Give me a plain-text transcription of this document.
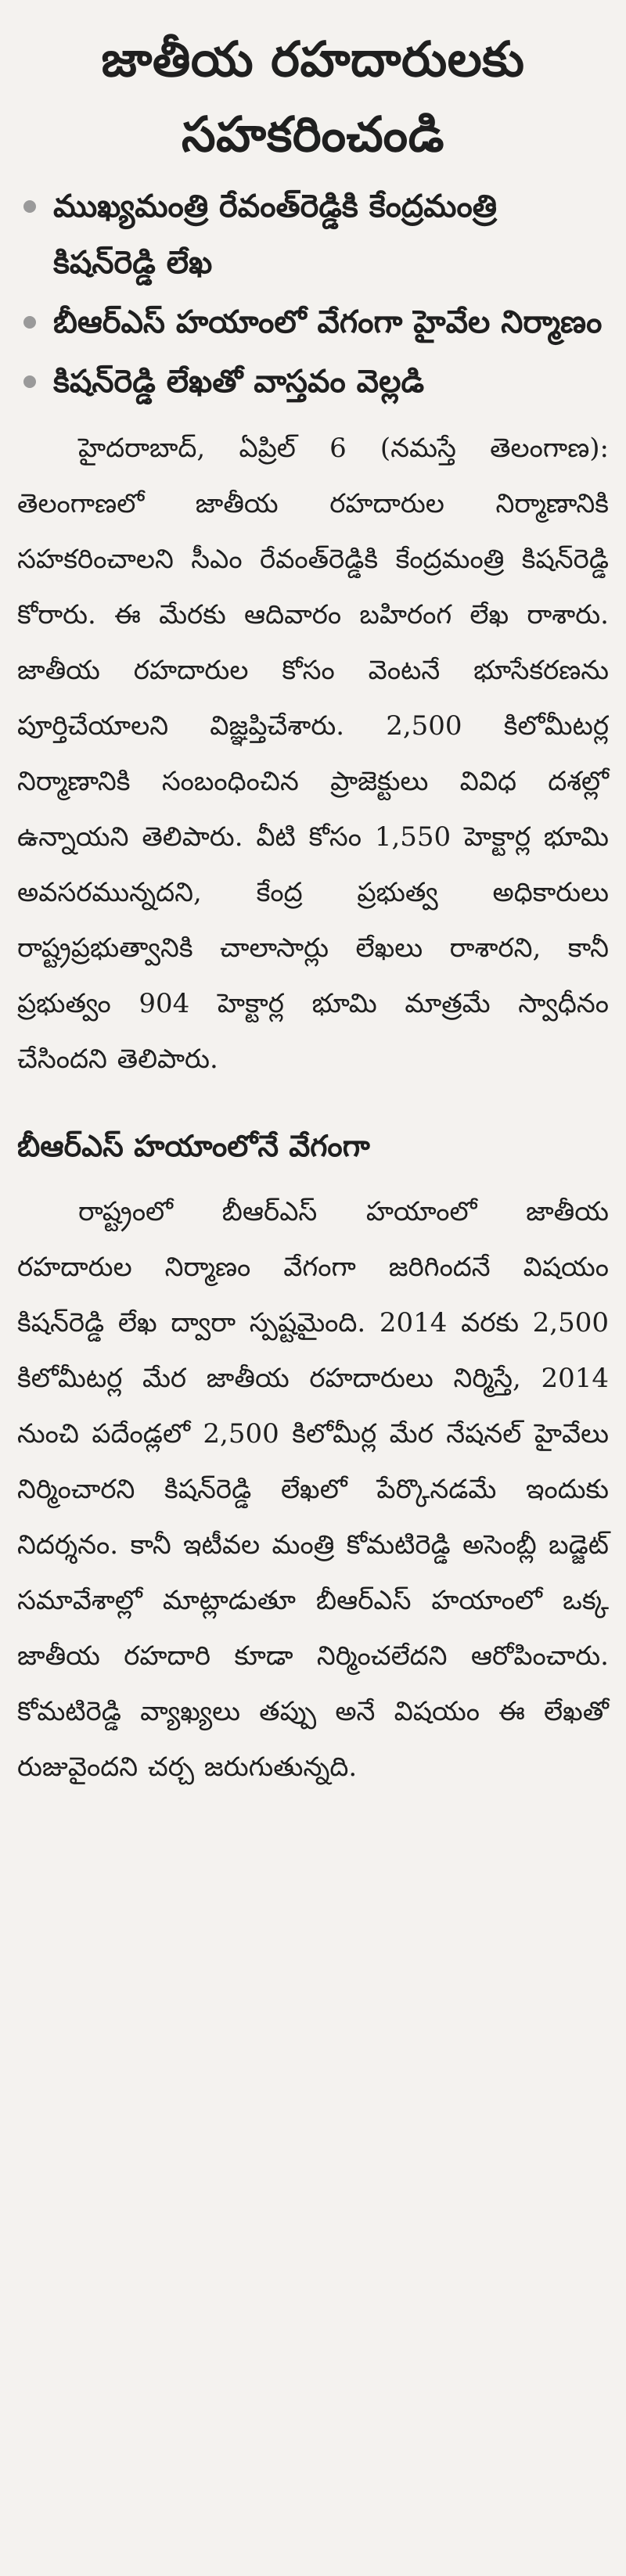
జాతీయ రహదారులకు
సహకరించండి
ముఖ్యమంత్రి రేవంత్‌రెడ్డికి కేంద్రమంత్రి కిషన్‌రెడ్డి లేఖ
బీఆర్‌ఎస్‌ హయాంలో వేగంగా హైవేల నిర్మాణం
కిషన్‌రెడ్డి లేఖతో వాస్తవం వెల్లడి

హైదరాబాద్‌, ఏప్రిల్‌ 6 (నమస్తే తెలంగాణ): తెలంగాణలో జాతీయ రహదారుల నిర్మాణానికి సహకరించాలని సీఎం రేవంత్‌రెడ్డికి కేంద్రమంత్రి కిషన్‌రెడ్డి కోరారు. ఈ మేరకు ఆదివారం బహిరంగ లేఖ రాశారు. జాతీయ రహదారుల కోసం వెంటనే భూసేకరణను పూర్తిచేయాలని విజ్ఞప్తిచేశారు. 2,500 కిలోమీటర్ల నిర్మాణానికి సంబంధించిన ప్రాజెక్టులు వివిధ దశల్లో ఉన్నాయని తెలిపారు. వీటి కోసం 1,550 హెక్టార్ల భూమి అవసరమున్నదని, కేంద్ర ప్రభుత్వ అధికారులు రాష్ట్రప్రభుత్వానికి చాలాసార్లు లేఖలు రాశారని, కానీ ప్రభుత్వం 904 హెక్టార్ల భూమి మాత్రమే స్వాధీనం చేసిందని తెలిపారు.

బీఆర్‌ఎస్‌ హయాంలోనే వేగంగా

రాష్ట్రంలో బీఆర్‌ఎస్‌ హయాంలో జాతీయ రహదారుల నిర్మాణం వేగంగా జరిగిందనే విషయం కిషన్‌రెడ్డి లేఖ ద్వారా స్పష్టమైంది. 2014 వరకు 2,500 కిలోమీటర్ల మేర జాతీయ రహదారులు నిర్మిస్తే, 2014 నుంచి పదేండ్లలో 2,500 కిలోమీర్ల మేర నేషనల్‌ హైవేలు నిర్మించారని కిషన్‌రెడ్డి లేఖలో పేర్కొనడమే ఇందుకు నిదర్శనం. కానీ ఇటీవల మంత్రి కోమటిరెడ్డి అసెంబ్లీ బడ్జెట్‌ సమావేశాల్లో మాట్లాడుతూ బీఆర్‌ఎస్‌ హయాంలో ఒక్క జాతీయ రహదారి కూడా నిర్మించలేదని ఆరోపించారు. కోమటిరెడ్డి వ్యాఖ్యలు తప్పు అనే విషయం ఈ లేఖతో రుజువైందని చర్చ జరుగుతున్నది.
